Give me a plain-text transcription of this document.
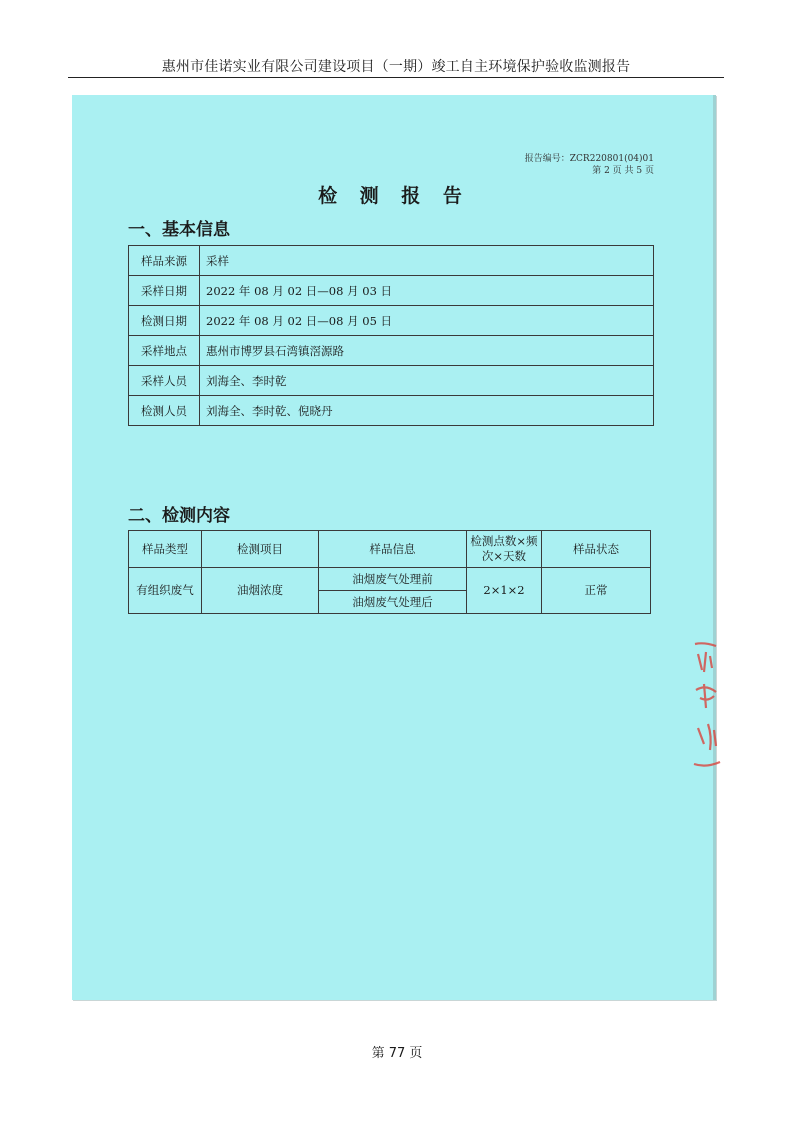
惠州市佳诺实业有限公司建设项目（一期）竣工自主环境保护验收监测报告
报告编号：ZCR220801(04)01
第 2 页 共 5 页
检 测 报 告
一、基本信息
样品来源	采样
采样日期	2022 年 08 月 02 日—08 月 03 日
检测日期	2022 年 08 月 02 日—08 月 05 日
采样地点	惠州市博罗县石湾镇滘源路
采样人员	刘海全、李时乾
检测人员	刘海全、李时乾、倪晓丹
二、检测内容
样品类型	检测项目	样品信息	检测点数×频次×天数	样品状态
有组织废气	油烟浓度	油烟废气处理前	2×1×2	正常
		油烟废气处理后		
第 77 页
